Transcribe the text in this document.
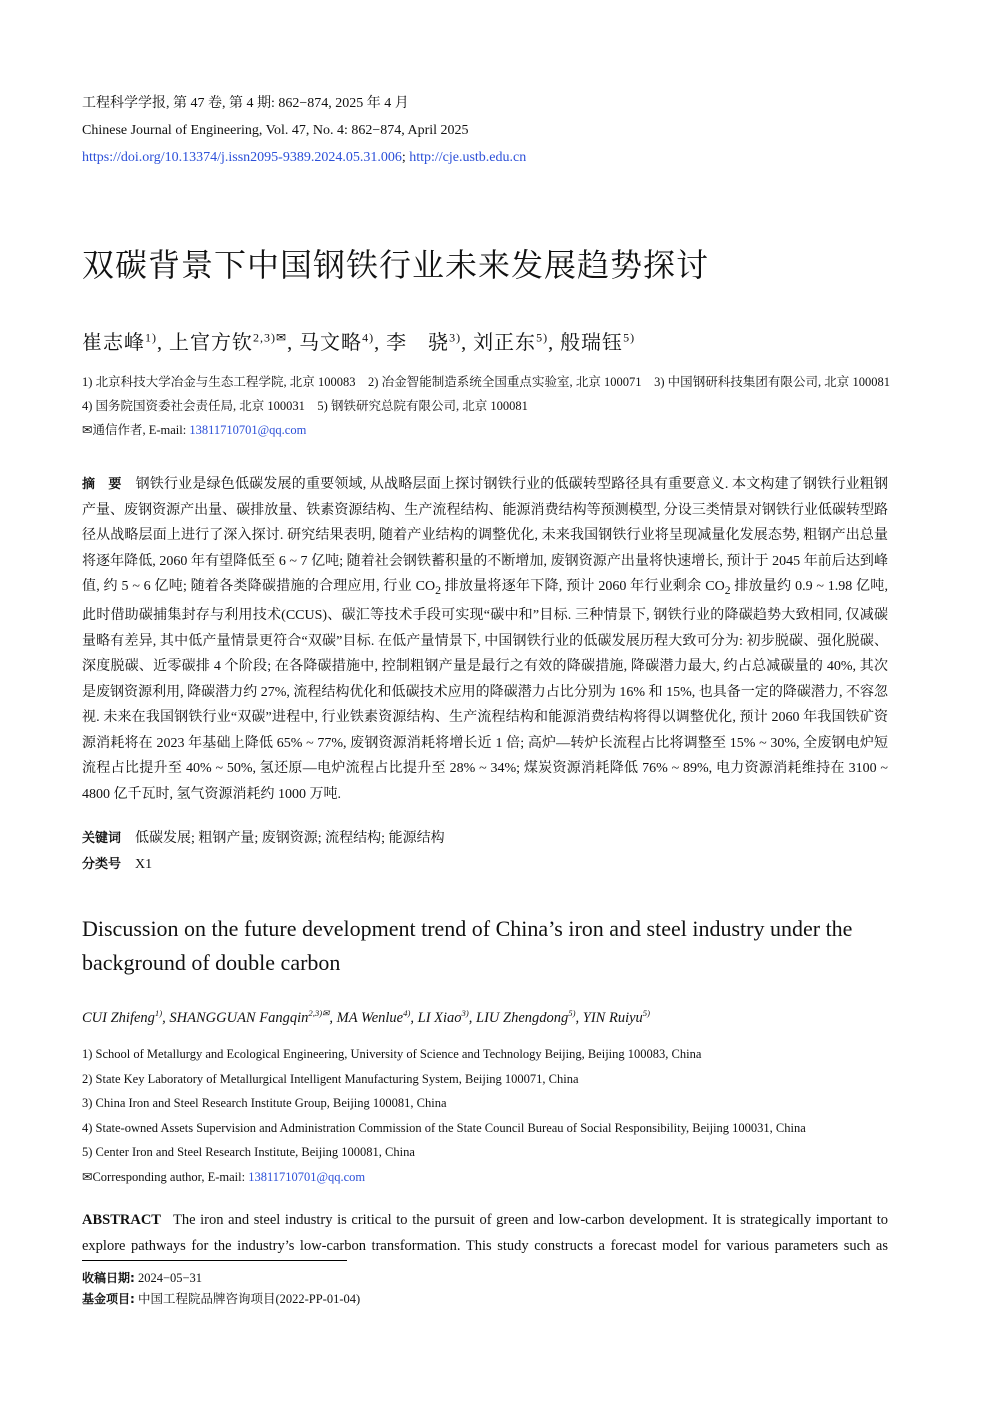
工程科学学报, 第 47 卷, 第 4 期: 862−874, 2025 年 4 月
Chinese Journal of Engineering, Vol. 47, No. 4: 862−874, April 2025
https://doi.org/10.13374/j.issn2095-9389.2024.05.31.006; http://cje.ustb.edu.cn
双碳背景下中国钢铁行业未来发展趋势探讨
崔志峰$^{1)}$, 上官方钦$^{2,3)✉}$, 马文略$^{4)}$, 李　骁$^{3)}$, 刘正东$^{5)}$, 般瑞钰$^{5)}$
1) 北京科技大学冶金与生态工程学院, 北京 100083　2) 冶金智能制造系统全国重点实验室, 北京 100071　3) 中国钢研科技集团有限公司, 北京 100081　4) 国务院国资委社会责任局, 北京 100031　5) 钢铁研究总院有限公司, 北京 100081
✉通信作者, E-mail: 13811710701@qq.com
摘　要 钢铁行业是绿色低碳发展的重要领域, 从战略层面上探讨钢铁行业的低碳转型路径具有重要意义. 本文构建了钢铁行业粗钢产量、废钢资源产出量、碳排放量、铁素资源结构、生产流程结构、能源消费结构等预测模型, 分设三类情景对钢铁行业低碳转型路径从战略层面上进行了深入探讨. 研究结果表明, 随着产业结构的调整优化, 未来我国钢铁行业将呈现减量化发展态势, 粗钢产出总量将逐年降低, 2060 年有望降低至 6 ~ 7 亿吨; 随着社会钢铁蓄积量的不断增加, 废钢资源产出量将快速增长, 预计于 2045 年前后达到峰值, 约 5 ~ 6 亿吨; 随着各类降碳措施的合理应用, 行业 $CO_2$ 排放量将逐年下降, 预计 2060 年行业剩余 $CO_2$ 排放量约 0.9 ~ 1.98 亿吨, 此时借助碳捕集封存与利用技术(CCUS)、碳汇等技术手段可实现“碳中和”目标. 三种情景下, 钢铁行业的降碳趋势大致相同, 仅减碳量略有差异, 其中低产量情景更符合“双碳”目标. 在低产量情景下, 中国钢铁行业的低碳发展历程大致可分为: 初步脱碳、强化脱碳、深度脱碳、近零碳排 4 个阶段; 在各降碳措施中, 控制粗钢产量是最行之有效的降碳措施, 降碳潜力最大, 约占总减碳量的 40%, 其次是废钢资源利用, 降碳潜力约 27%, 流程结构优化和低碳技术应用的降碳潜力占比分别为 16% 和 15%, 也具备一定的降碳潜力, 不容忽视. 未来在我国钢铁行业“双碳”进程中, 行业铁素资源结构、生产流程结构和能源消费结构将得以调整优化, 预计 2060 年我国铁矿资源消耗将在 2023 年基础上降低 65% ~ 77%, 废钢资源消耗将增长近 1 倍; 高炉—转炉长流程占比将调整至 15% ~ 30%, 全废钢电炉短流程占比提升至 40% ~ 50%, 氢还原—电炉流程占比提升至 28% ~ 34%; 煤炭资源消耗降低 76% ~ 89%, 电力资源消耗维持在 3100 ~ 4800 亿千瓦时, 氢气资源消耗约 1000 万吨.
关键词 低碳发展; 粗钢产量; 废钢资源; 流程结构; 能源结构
分类号 X1
Discussion on the future development trend of China’s iron and steel industry under the background of double carbon
CUI Zhifeng$^{1)}$, SHANGGUAN Fangqin$^{2,3)✉}$, MA Wenlue$^{4)}$, LI Xiao$^{3)}$, LIU Zhengdong$^{5)}$, YIN Ruiyu$^{5)}$
1) School of Metallurgy and Ecological Engineering, University of Science and Technology Beijing, Beijing 100083, China
2) State Key Laboratory of Metallurgical Intelligent Manufacturing System, Beijing 100071, China
3) China Iron and Steel Research Institute Group, Beijing 100081, China
4) State-owned Assets Supervision and Administration Commission of the State Council Bureau of Social Responsibility, Beijing 100031, China
5) Center Iron and Steel Research Institute, Beijing 100081, China
✉Corresponding author, E-mail: 13811710701@qq.com
ABSTRACT The iron and steel industry is critical to the pursuit of green and low-carbon development. It is strategically important to explore pathways for the industry’s low-carbon transformation. This study constructs a forecast model for various parameters such as
收稿日期: 2024−05−31
基金项目: 中国工程院品牌咨询项目(2022-PP-01-04)
